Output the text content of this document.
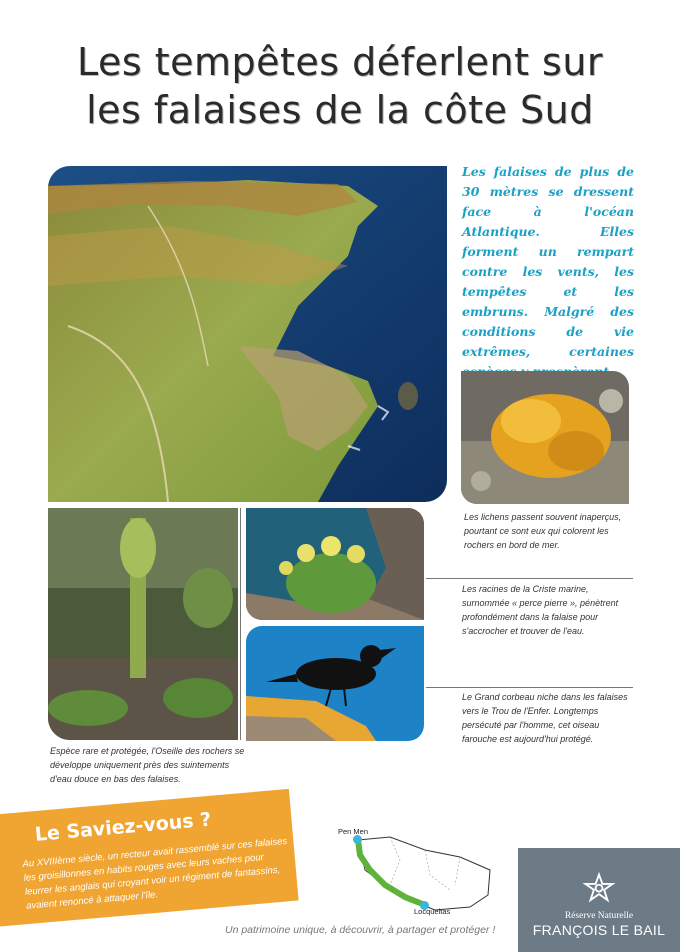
Les tempêtes déferlent sur
les falaises de la côte Sud
Les falaises de plus de 30 mètres se dressent face à l'océan Atlantique. Elles forment un rempart contre les vents, les tempêtes et les embruns. Malgré des conditions de vie extrêmes, certaines
Les lichens passent souvent inaperçus, pourtant ce sont eux qui colorent les rochers en bord de mer.
Espèce rare et protégée, l'Oseille des rochers se développe uniquement près des suintements d'eau douce en bas des falaises.
Les racines de la Criste marine, surnommée « perce pierre », pénètrent profondément dans la falaise pour s'accrocher et trouver de l'eau.
Le Grand corbeau niche dans les falaises vers le Trou de l'Enfer. Longtemps persécuté par l'homme, cet oiseau farouche est aujourd'hui protégé.
Le Saviez-vous ?
Au XVIIIème siècle, un recteur avait rassemblé sur ces falaises les groisillonnes en habits rouges avec leurs vaches pour leurrer les anglais qui croyant voir un régiment de fantassins, avaient renoncé à attaquer l'île.
Pen Men
Locqueltas
Un patrimoine unique, à découvrir, à partager et protéger !
Réserve Naturelle
FRANÇOIS LE BAIL
